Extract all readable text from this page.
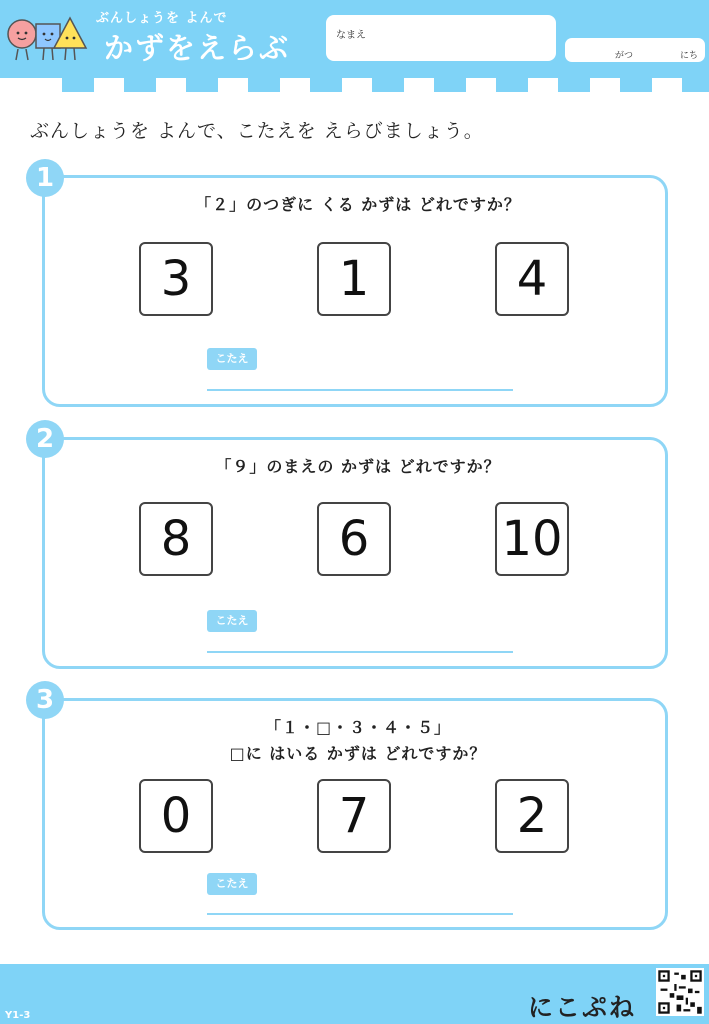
ぶんしょうを よんで
かずをえらぶ	なまえ
がつ	にち
ぶんしょうを よんで、こたえを えらびましょう。
「２」のつぎに くる かずは どれですか？
3	1	4
こたえ
1
「９」のまえの かずは どれですか？
8	6	10
こたえ
2
「１・□・３・４・５」
□に はいる かずは どれですか？
0	7	2
こたえ
3
Y1-3	にこぷね
